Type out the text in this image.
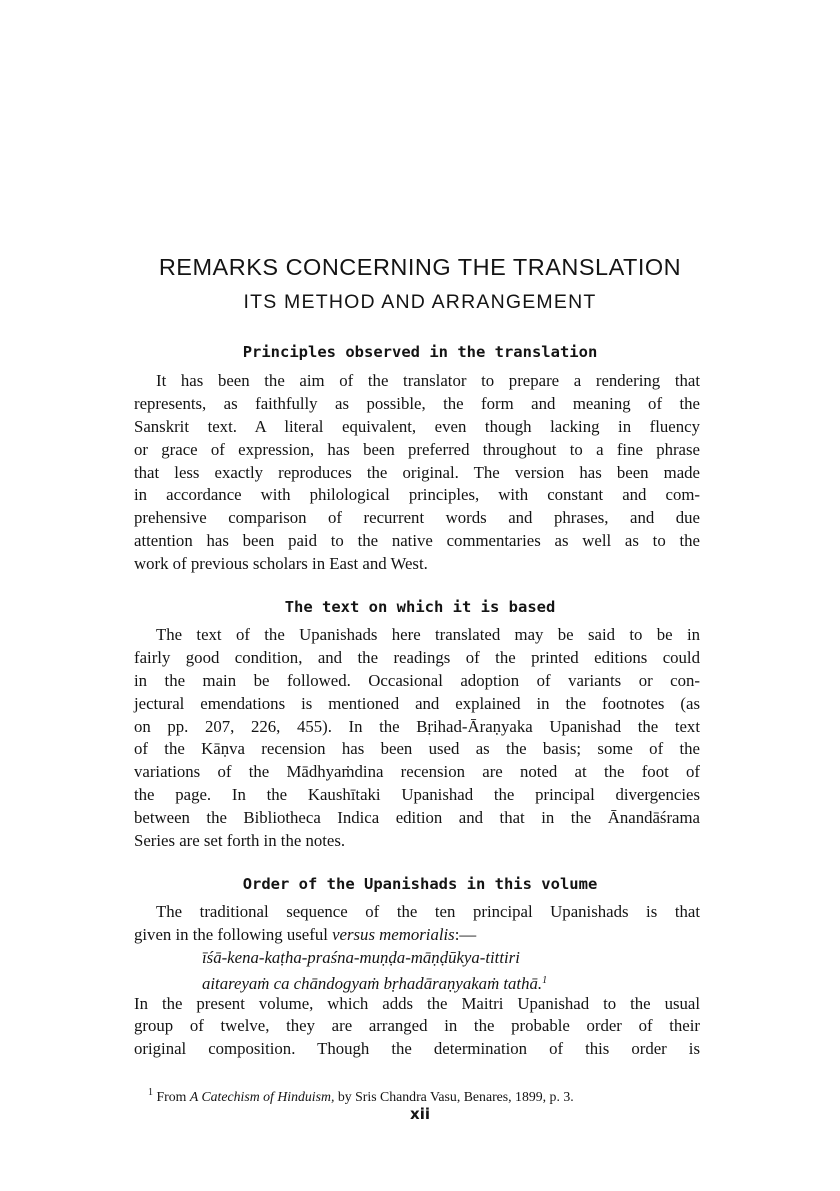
REMARKS CONCERNING THE TRANSLATION
ITS METHOD AND ARRANGEMENT
Principles observed in the translation
It has been the aim of the translator to prepare a rendering that
represents, as faithfully as possible, the form and meaning of the
Sanskrit text. A literal equivalent, even though lacking in fluency
or grace of expression, has been preferred throughout to a fine phrase
that less exactly reproduces the original. The version has been made
in accordance with philological principles, with constant and com-
prehensive comparison of recurrent words and phrases, and due
attention has been paid to the native commentaries as well as to the
work of previous scholars in East and West.
The text on which it is based
The text of the Upanishads here translated may be said to be in
fairly good condition, and the readings of the printed editions could
in the main be followed. Occasional adoption of variants or con-
jectural emendations is mentioned and explained in the footnotes (as
on pp. 207, 226, 455). In the Bṛihad-Āraṇyaka Upanishad the text
of the Kāṇva recension has been used as the basis; some of the
variations of the Mādhyaṁdina recension are noted at the foot of
the page. In the Kaushītaki Upanishad the principal divergencies
between the Bibliotheca Indica edition and that in the Ānandāśrama
Series are set forth in the notes.
Order of the Upanishads in this volume
The traditional sequence of the ten principal Upanishads is that
given in the following useful versus memorialis:—
īśā-kena-kaṭha-praśna-muṇḍa-māṇḍūkya-tittiri
aitareyaṁ ca chāndogyaṁ bṛhadāraṇyakaṁ tathā.$^1$
In the present volume, which adds the Maitri Upanishad to the usual
group of twelve, they are arranged in the probable order of their
original composition. Though the determination of this order is

$^1$ From A Catechism of Hinduism, by Sris Chandra Vasu, Benares, 1899, p. 3.

xii
